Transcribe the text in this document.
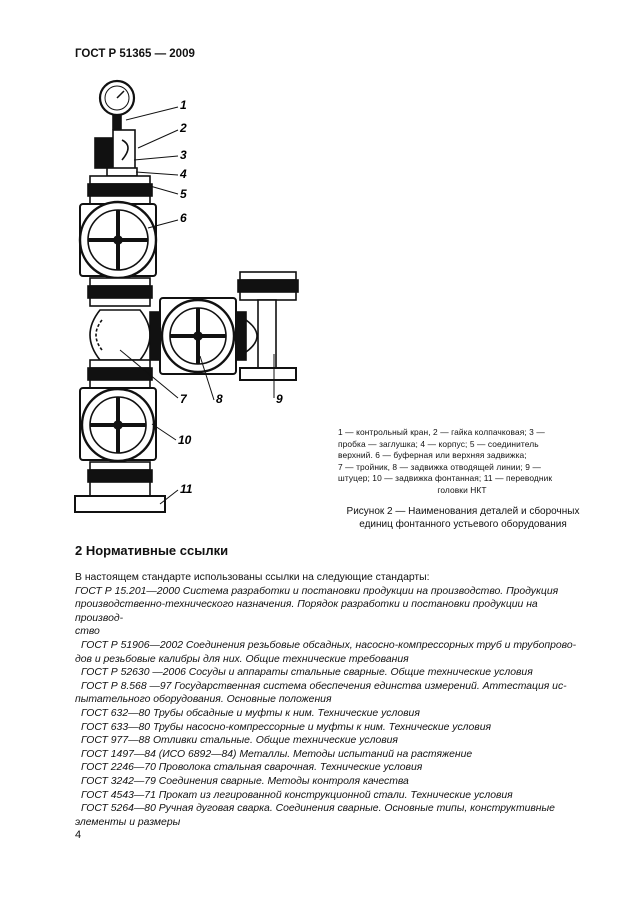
ГОСТ Р 51365 — 2009
1
2
3
4
5
6
7 8	9
10
11
1 — контрольный кран, 2 — гайка колпачковая; 3 —
пробка — заглушка; 4 — корпус; 5 — соединитель
верхний. 6 — буферная или верхняя задвижка;
7 — тройник, 8 — задвижка отводящей линии; 9 —
штуцер; 10 — задвижка фонтанная; 11 — переводник
головки НКТ
Рисунок 2 — Наименования деталей и сборочных
единиц фонтанного устьевого оборудования
2 Нормативные ссылки

В настоящем стандарте использованы ссылки на следующие стандарты:

ГОСТ Р 15.201—2000 Система разработки и постановки продукции на производство. Продукция

производственно-технического назначения. Порядок разработки и постановки продукции на производ-

ство

ГОСТ Р 51906—2002 Соединения резьбовые обсадных, насосно-компрессорных труб и трубопрово-

дов и резьбовые калибры для них. Общие технические требования

ГОСТ Р 52630 —2006 Сосуды и аппараты стальные сварные. Общие технические условия

ГОСТ Р 8.568 —97 Государственная система обеспечения единства измерений. Аттестация ис-

пытательного оборудования. Основные положения

ГОСТ 632—80 Трубы обсадные и муфты к ним. Технические условия

ГОСТ 633—80 Трубы насосно-компрессорные и муфты к ним. Технические условия

ГОСТ 977—88 Отливки стальные. Общие технические условия

ГОСТ 1497—84 (ИСО 6892—84) Металлы. Методы испытаний на растяжение

ГОСТ 2246—70 Проволока стальная сварочная. Технические условия

ГОСТ 3242—79 Соединения сварные. Методы контроля качества

ГОСТ 4543—71 Прокат из легированной конструкционной стали. Технические условия

ГОСТ 5264—80 Ручная дуговая сварка. Соединения сварные. Основные типы, конструктивные

элементы и размеры

4
